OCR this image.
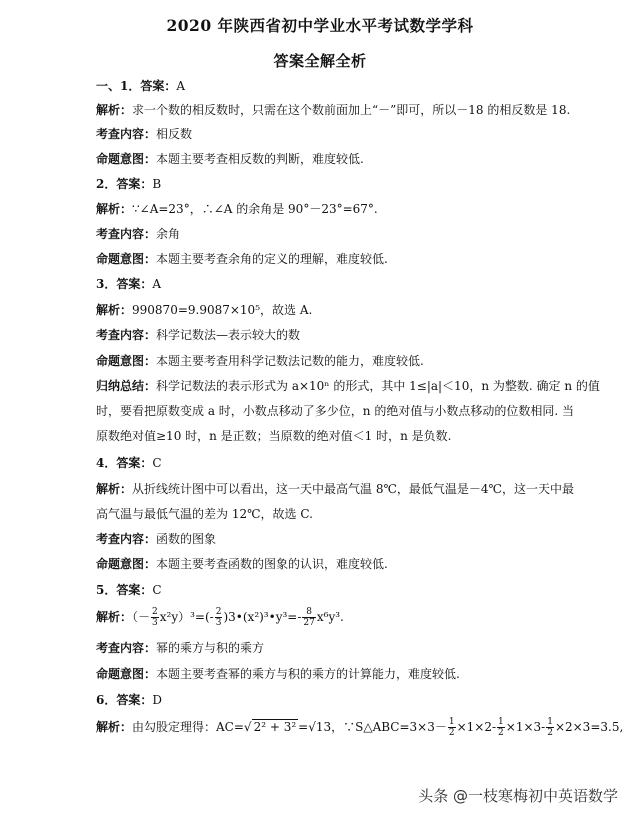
2020 年陕西省初中学业水平考试数学学科
答案全解全析
一、1．答案：A
解析：求一个数的相反数时，只需在这个数前面加上“－”即可，所以－18 的相反数是 18.
考查内容：相反数
命题意图：本题主要考查相反数的判断，难度较低.
2．答案：B
解析：∵∠A=23°，∴∠A 的余角是 90°－23°=67°.
考查内容：余角
命题意图：本题主要考查余角的定义的理解，难度较低.
3．答案：A
解析：990870=9.9087×10⁵，故选 A.
考查内容：科学记数法—表示较大的数
命题意图：本题主要考查用科学记数法记数的能力，难度较低.
归纳总结：科学记数法的表示形式为 a×10ⁿ 的形式，其中 1≤|a|＜10，n 为整数. 确定 n 的值
时，要看把原数变成 a 时，小数点移动了多少位，n 的绝对值与小数点移动的位数相同. 当
原数绝对值≥10 时，n 是正数；当原数的绝对值＜1 时，n 是负数.
4．答案：C
解析：从折线统计图中可以看出，这一天中最高气温 8℃，最低气温是－4℃，这一天中最
高气温与最低气温的差为 12℃，故选 C.
考查内容：函数的图象
命题意图：本题主要考查函数的图象的认识，难度较低.
5．答案：C
解析：（－ $\frac{2}{3} x^2y)^3=(- \frac{2}{3}$ )3•(x²)³•y³=- $\frac{8}{27} x^6y^3$.
考查内容：幂的乘方与积的乘方
命题意图：本题主要考查幂的乘方与积的乘方的计算能力，难度较低.
6．答案：D
解析：由勾股定理得：AC=√ 2² + 3² =√13，∵S△ABC=3×3－ $\frac{1}{2} \times 1\times 2- \frac{1}{2} \times 1\times 3- \frac{1}{2} \times 2\times 3=3.5$,
头条 @一枝寒梅初中英语数学
